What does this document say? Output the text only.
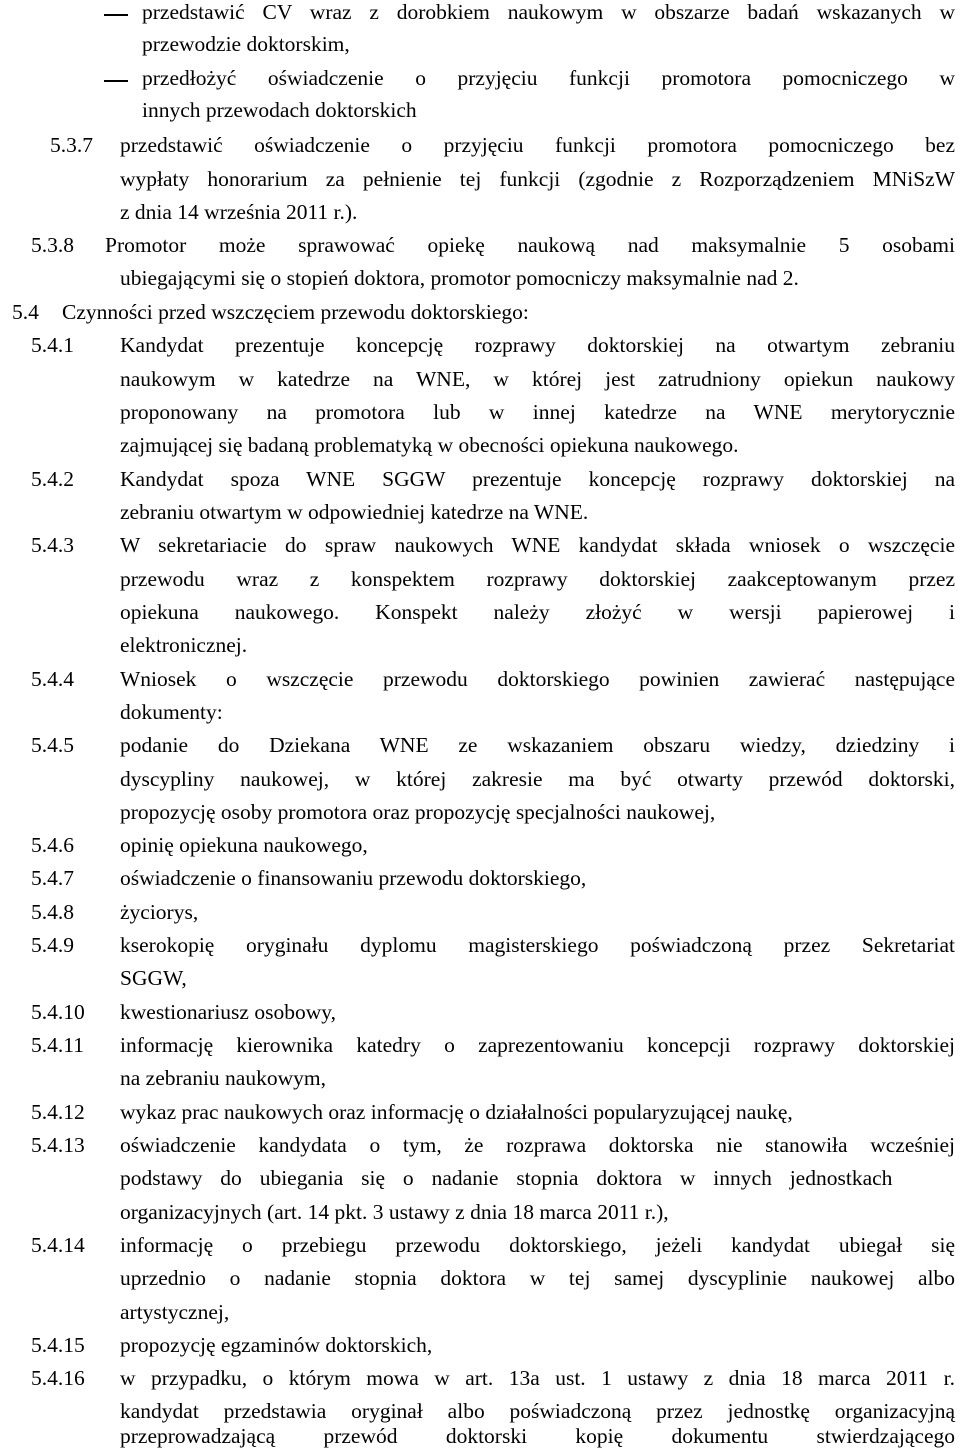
przedstawić CV wraz z dorobkiem naukowym w obszarze badań wskazanych w
przewodzie doktorskim,
przedłożyć oświadczenie o przyjęciu funkcji promotora pomocniczego w
innych przewodach doktorskich
5.3.7 przedstawić oświadczenie o przyjęciu funkcji promotora pomocniczego bez
wypłaty honorarium za pełnienie tej funkcji (zgodnie z Rozporządzeniem MNiSzW
z dnia 14 września 2011 r.).
5.3.8 Promotor może sprawować opiekę naukową nad maksymalnie 5 osobami
ubiegającymi się o stopień doktora, promotor pomocniczy maksymalnie nad 2.
5.4 Czynności przed wszczęciem przewodu doktorskiego:
5.4.1 Kandydat prezentuje koncepcję rozprawy doktorskiej na otwartym zebraniu
naukowym w katedrze na WNE, w której jest zatrudniony opiekun naukowy
proponowany na promotora lub w innej katedrze na WNE merytorycznie
zajmującej się badaną problematyką w obecności opiekuna naukowego.
5.4.2 Kandydat spoza WNE SGGW prezentuje koncepcję rozprawy doktorskiej na
zebraniu otwartym w odpowiedniej katedrze na WNE.
5.4.3 W sekretariacie do spraw naukowych WNE kandydat składa wniosek o wszczęcie
przewodu wraz z konspektem rozprawy doktorskiej zaakceptowanym przez
opiekuna naukowego. Konspekt należy złożyć w wersji papierowej i
elektronicznej.
5.4.4 Wniosek o wszczęcie przewodu doktorskiego powinien zawierać następujące
dokumenty:
5.4.5 podanie do Dziekana WNE ze wskazaniem obszaru wiedzy, dziedziny i
dyscypliny naukowej, w której zakresie ma być otwarty przewód doktorski,
propozycję osoby promotora oraz propozycję specjalności naukowej,
5.4.6 opinię opiekuna naukowego,
5.4.7 oświadczenie o finansowaniu przewodu doktorskiego,
5.4.8 życiorys,
5.4.9 kserokopię oryginału dyplomu magisterskiego poświadczoną przez Sekretariat
SGGW,
5.4.10 kwestionariusz osobowy,
5.4.11 informację kierownika katedry o zaprezentowaniu koncepcji rozprawy doktorskiej
na zebraniu naukowym,
5.4.12 wykaz prac naukowych oraz informację o działalności popularyzującej naukę,
5.4.13 oświadczenie kandydata o tym, że rozprawa doktorska nie stanowiła wcześniej
podstawy do ubiegania się o nadanie stopnia doktora w innych jednostkach
organizacyjnych (art. 14 pkt. 3 ustawy z dnia 18 marca 2011 r.),
5.4.14 informację o przebiegu przewodu doktorskiego, jeżeli kandydat ubiegał się
uprzednio o nadanie stopnia doktora w tej samej dyscyplinie naukowej albo
artystycznej,
5.4.15 propozycję egzaminów doktorskich,
5.4.16 w przypadku, o którym mowa w art. 13a ust. 1 ustawy z dnia 18 marca 2011 r.
kandydat przedstawia oryginał albo poświadczoną przez jednostkę organizacyjną
przeprowadzającą przewód doktorski kopię dokumentu stwierdzającego
